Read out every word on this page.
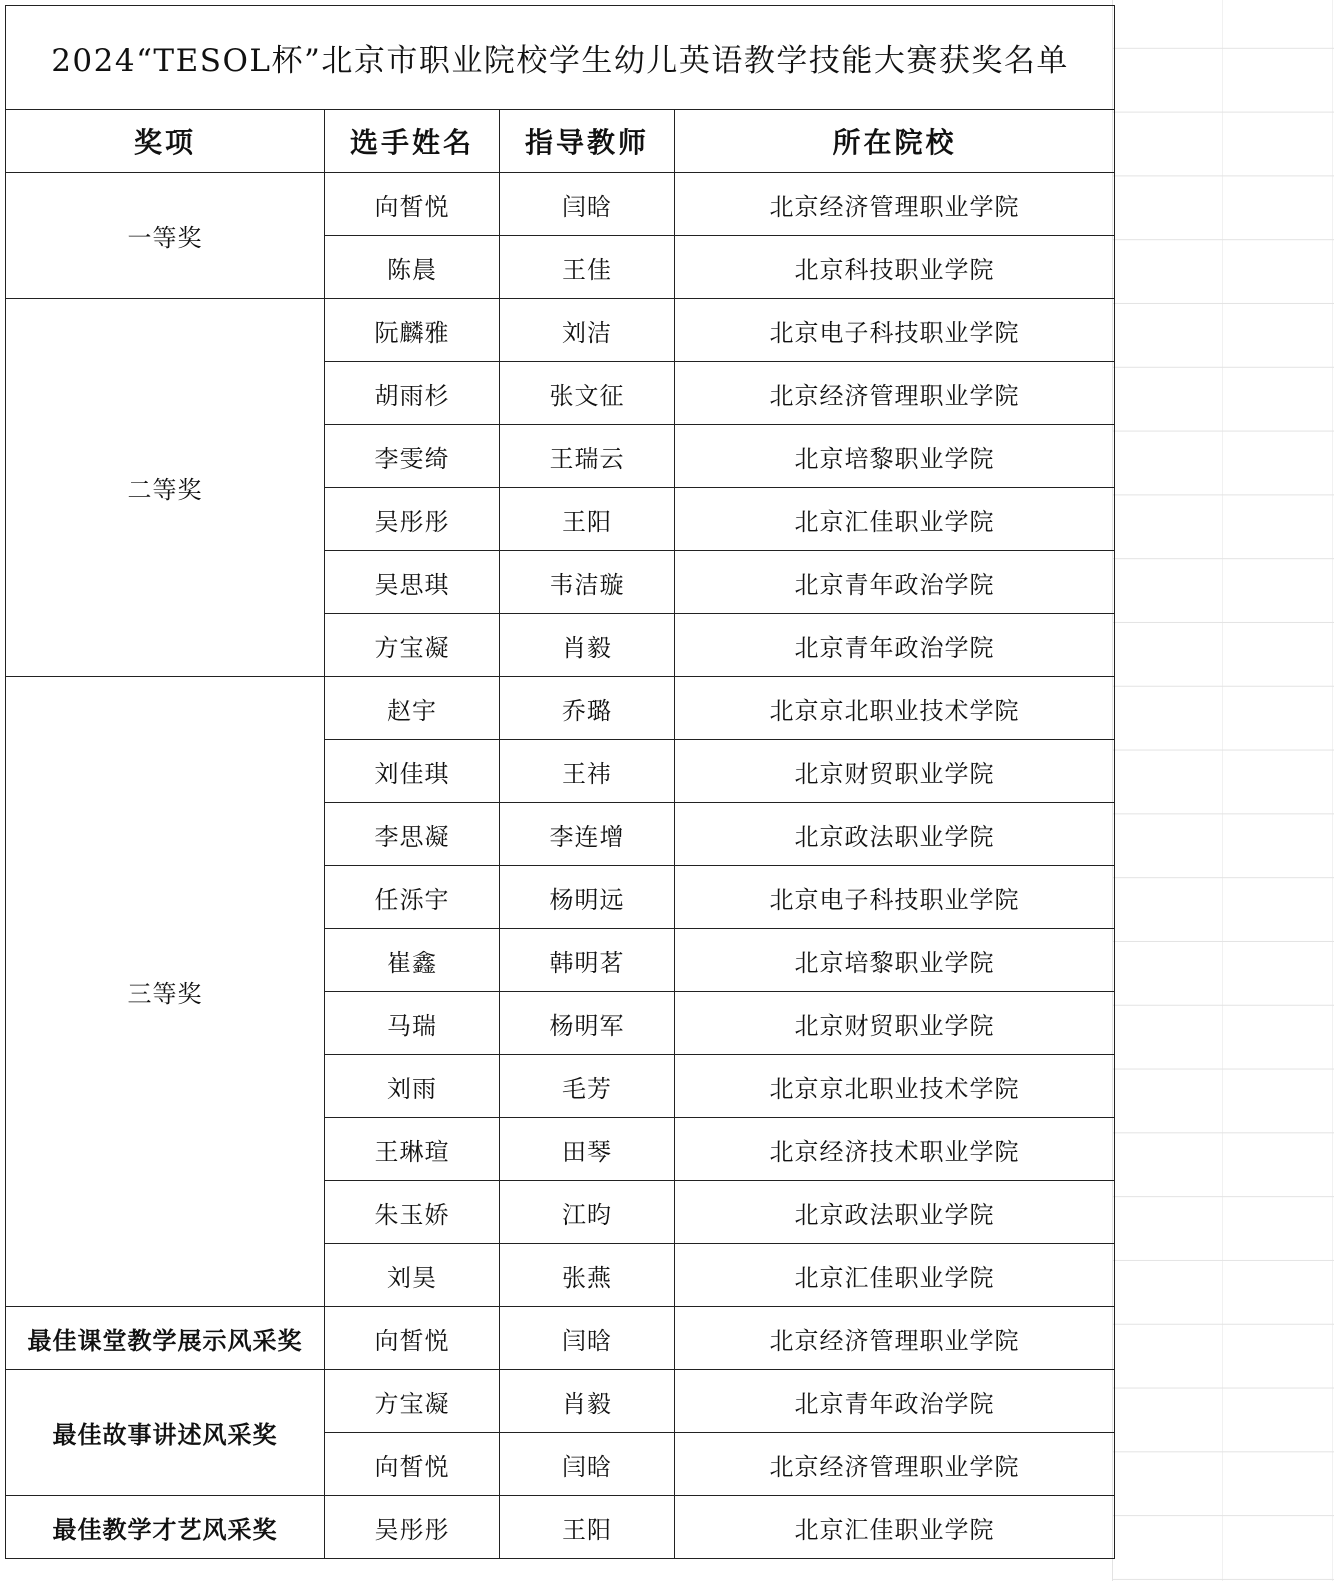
2024“TESOL杯”北京市职业院校学生幼儿英语教学技能大赛获奖名单			
奖项	选手姓名	指导教师	所在院校
一等奖	向皙悦	闫晗	北京经济管理职业学院
	陈晨	王佳	北京科技职业学院
二等奖	阮麟雅	刘洁	北京电子科技职业学院
	胡雨杉	张文征	北京经济管理职业学院
	李雯绮	王瑞云	北京培黎职业学院
	吴彤彤	王阳	北京汇佳职业学院
	吴思琪	韦洁璇	北京青年政治学院
	方宝凝	肖毅	北京青年政治学院
三等奖	赵宇	乔璐	北京京北职业技术学院
	刘佳琪	王祎	北京财贸职业学院
	李思凝	李连增	北京政法职业学院
	任泺宇	杨明远	北京电子科技职业学院
	崔鑫	韩明茗	北京培黎职业学院
	马瑞	杨明军	北京财贸职业学院
	刘雨	毛芳	北京京北职业技术学院
	王琳瑄	田琴	北京经济技术职业学院
	朱玉娇	江昀	北京政法职业学院
	刘昊	张燕	北京汇佳职业学院
最佳课堂教学展示风采奖	向皙悦	闫晗	北京经济管理职业学院
最佳故事讲述风采奖	方宝凝	肖毅	北京青年政治学院
	向皙悦	闫晗	北京经济管理职业学院
最佳教学才艺风采奖	吴彤彤	王阳	北京汇佳职业学院
